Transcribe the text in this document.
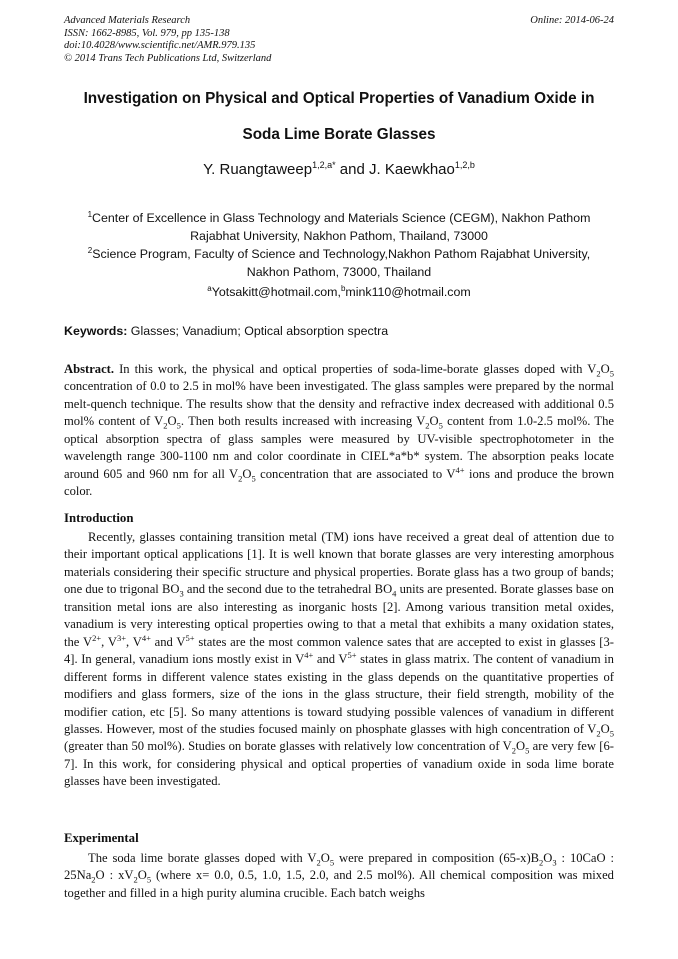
Advanced Materials Research
ISSN: 1662-8985, Vol. 979, pp 135-138
doi:10.4028/www.scientific.net/AMR.979.135
© 2014 Trans Tech Publications Ltd, Switzerland
Online: 2014-06-24
Investigation on Physical and Optical Properties of Vanadium Oxide in
Soda Lime Borate Glasses
Y. Ruangtaweep$^{1,2,a*}$ and J. Kaewkhao$^{1,2,b}$
$^1$Center of Excellence in Glass Technology and Materials Science (CEGM), Nakhon Pathom
Rajabhat University, Nakhon Pathom, Thailand, 73000
$^2$Science Program, Faculty of Science and Technology,Nakhon Pathom Rajabhat University,
Nakhon Pathom, 73000, Thailand
$^a$Yotsakitt@hotmail.com,$^b$mink110@hotmail.com
Keywords: Glasses; Vanadium; Optical absorption spectra
Abstract. In this work, the physical and optical properties of soda-lime-borate glasses doped with $V_2O_5$ concentration of 0.0 to 2.5 in mol% have been investigated. The glass samples were prepared by the normal melt-quench technique. The results show that the density and refractive index decreased with additional 0.5 mol% content of $V_2O_5$. Then both results increased with increasing $V_2O_5$ content from 1.0-2.5 mol%. The optical absorption spectra of glass samples were measured by UV-visible spectrophotometer in the wavelength range 300-1100 nm and color coordinate in CIEL*a*b* system. The absorption peaks locate around 605 and 960 nm for all $V_2O_5$ concentration that are associated to $V^{4+}$ ions and produce the brown color.
Introduction
Recently, glasses containing transition metal (TM) ions have received a great deal of attention due to their important optical applications [1]. It is well known that borate glasses are very interesting amorphous materials considering their specific structure and physical properties. Borate glass has a two group of bands; one due to trigonal $BO_3$ and the second due to the tetrahedral $BO_4$ units are presented. Borate glasses base on transition metal ions are also interesting as inorganic hosts [2]. Among various transition metal oxides, vanadium is very interesting optical properties owing to that a metal that exhibits a many oxidation states, the $V^{2+}$, $V^{3+}$, $V^{4+}$ and $V^{5+}$ states are the most common valence sates that are accepted to exist in glasses [3-4]. In general, vanadium ions mostly exist in $V^{4+}$ and $V^{5+}$ states in glass matrix. The content of vanadium in different forms in different valence states existing in the glass depends on the quantitative properties of modifiers and glass formers, size of the ions in the glass structure, their field strength, mobility of the modifier cation, etc [5]. So many attentions is toward studying possible valences of vanadium in different glasses. However, most of the studies focused mainly on phosphate glasses with high concentration of $V_2O_5$ (greater than 50 mol%). Studies on borate glasses with relatively low concentration of $V_2O_5$ are very few [6-7]. In this work, for considering physical and optical properties of vanadium oxide in soda lime borate glasses have been investigated.
Experimental
The soda lime borate glasses doped with $V_2O_5$ were prepared in composition $(65-x)B_2O_3$ : 10CaO : $25Na_2O$ : $xV_2O_5$ (where x= 0.0, 0.5, 1.0, 1.5, 2.0, and 2.5 mol%). All chemical composition was mixed together and filled in a high purity alumina crucible. Each batch weighs
